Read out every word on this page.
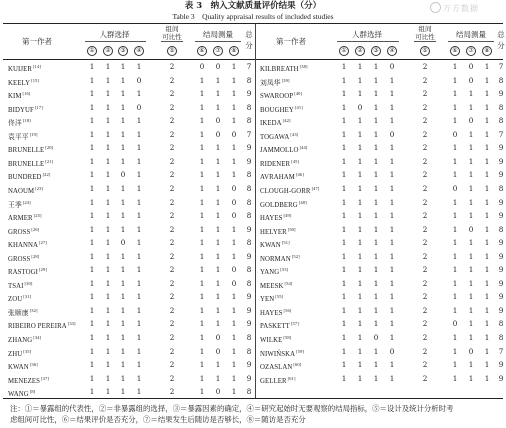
表 3　纳入文献质量评价结果（分）
Table 3　Quality appraisal results of included studies
万方数据
第一作者
人群选择
组间
可比性	结局测量	总
分
①	②	③	④	⑤	⑥	⑦	⑧
第一作者
人群选择
组间
可比性	结局测量	总
分
①	②	③	④	⑤	⑥	⑦	⑧
KUIJER[14]	1	1	1	1	2	0	0	1	7
KEELY[15]	1	1	1	0	2	1	1	1	8
KIM[16]	1	1	1	1	2	1	1	1	9
BIDYUF[17]	1	1	1	0	2	1	1	1	8
佟洋[18]	1	1	1	1	2	1	0	1	8
袁平平[19]	1	1	1	1	2	1	0	0	7
BRUNELLE[20]	1	1	1	1	2	1	1	1	9
BRUNELLE[21]	1	1	1	1	2	1	1	1	9
BUNDRED[22]	1	1	0	1	2	1	1	1	8
NAOUM[23]	1	1	1	1	2	1	1	0	8
王季[24]	1	1	1	1	2	1	1	0	8
ARMER[25]	1	1	1	1	2	1	1	0	8
GROSS[26]	1	1	1	1	2	1	1	1	9
KHANNA[27]	1	1	0	1	2	1	1	1	8
GROSS[28]	1	1	1	1	2	1	1	1	9
RASTOGI[29]	1	1	1	1	2	1	1	0	8
TSAI[30]	1	1	1	1	2	1	1	0	8
ZOU[31]	1	1	1	1	2	1	1	1	9
张顺康[32]	1	1	1	1	2	1	1	1	9
RIBEIRO PEREIRA[33]	1	1	1	1	2	1	1	1	9
ZHANG[34]	1	1	1	1	2	1	0	1	8
ZHU[35]	1	1	1	1	2	1	0	1	8
KWAN[36]	1	1	1	1	2	1	1	1	9
MENEZES[37]	1	1	1	1	2	1	1	1	9
WANG[8]	1	1	1	1	2	1	0	1	8
KILBREATH[38]	1	1	1	0	2	1	0	1	7
刘凤华[39]	1	1	1	1	2	1	0	1	8
SWAROOP[40]	1	1	1	1	2	1	1	1	9
BOUGHEY[41]	1	0	1	1	2	1	1	1	8
IKEDA[42]	1	1	1	1	2	1	0	1	8
TOGAWA[43]	1	1	1	0	2	0	1	1	7
JAMMOLLO[44]	1	1	1	1	2	1	1	1	9
RIDENER[45]	1	1	1	1	2	1	1	1	9
AVRAHAM[46]	1	1	1	1	2	1	1	1	9
CLOUGH-GORR[47]	1	1	1	1	2	0	1	1	8
GOLDBERG[48]	1	1	1	1	2	1	1	1	9
HAYES[49]	1	1	1	1	2	1	1	1	9
HELYER[50]	1	1	1	1	2	1	0	1	8
KWAN[51]	1	1	1	1	2	1	1	1	9
NORMAN[52]	1	1	1	1	2	1	1	1	9
YANG[53]	1	1	1	1	2	1	1	1	9
MEESK[54]	1	1	1	1	2	1	1	1	9
YEN[55]	1	1	1	1	2	1	1	1	9
HAYES[56]	1	1	1	1	2	1	1	1	9
PASKETT[57]	1	1	1	1	2	0	1	1	8
WILKE[58]	1	1	0	1	2	1	1	1	8
NIWIŃSKA[59]	1	1	1	0	2	1	0	1	7
OZASLAN[60]	1	1	1	1	2	1	1	1	9
GELLER[61]	1	1	1	1	2	1	1	1	9
注：①＝暴露组的代表性，②＝非暴露组的选择，③＝暴露因素的确定，④＝研究起始时无要观察的结局指标，⑤＝设计及统计分析时考
虑组间可比性，⑥＝结果评价是否充分，⑦＝结果发生后随访是否够长，⑧＝随访是否充分
